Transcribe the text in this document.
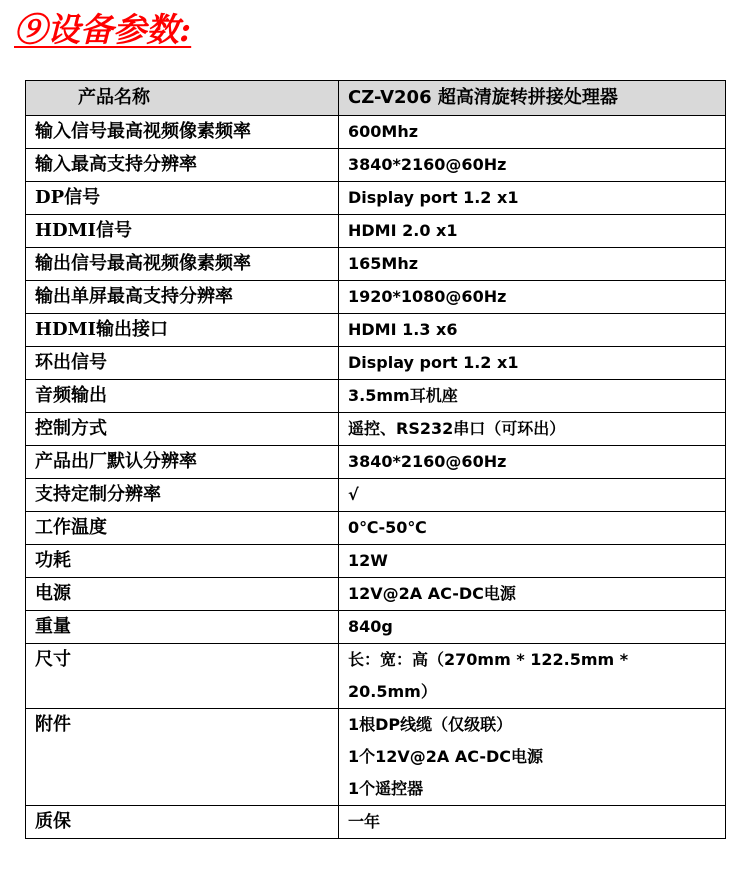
⑨设备参数:
产品名称	CZ-V206 超高清旋转拼接处理器
输入信号最高视频像素频率	600Mhz

输入最高支持分辨率	3840*2160@60Hz

DP信号	Display port 1.2 x1

HDMI信号	HDMI 2.0 x1

输出信号最高视频像素频率	165Mhz

输出单屏最高支持分辨率	1920*1080@60Hz

HDMI输出接口	HDMI 1.3 x6

环出信号	Display port 1.2 x1

音频输出	3.5mm耳机座

控制方式	遥控、RS232串口（可环出）

产品出厂默认分辨率	3840*2160@60Hz

支持定制分辨率	√

工作温度	0℃-50℃

功耗	12W

电源	12V@2A AC-DC电源

重量	840g

尺寸	长：宽：高（270mm * 122.5mm *
20.5mm）

附件	1根DP线缆（仅级联）
1个12V@2A AC-DC电源
1个遥控器

质保	一年
